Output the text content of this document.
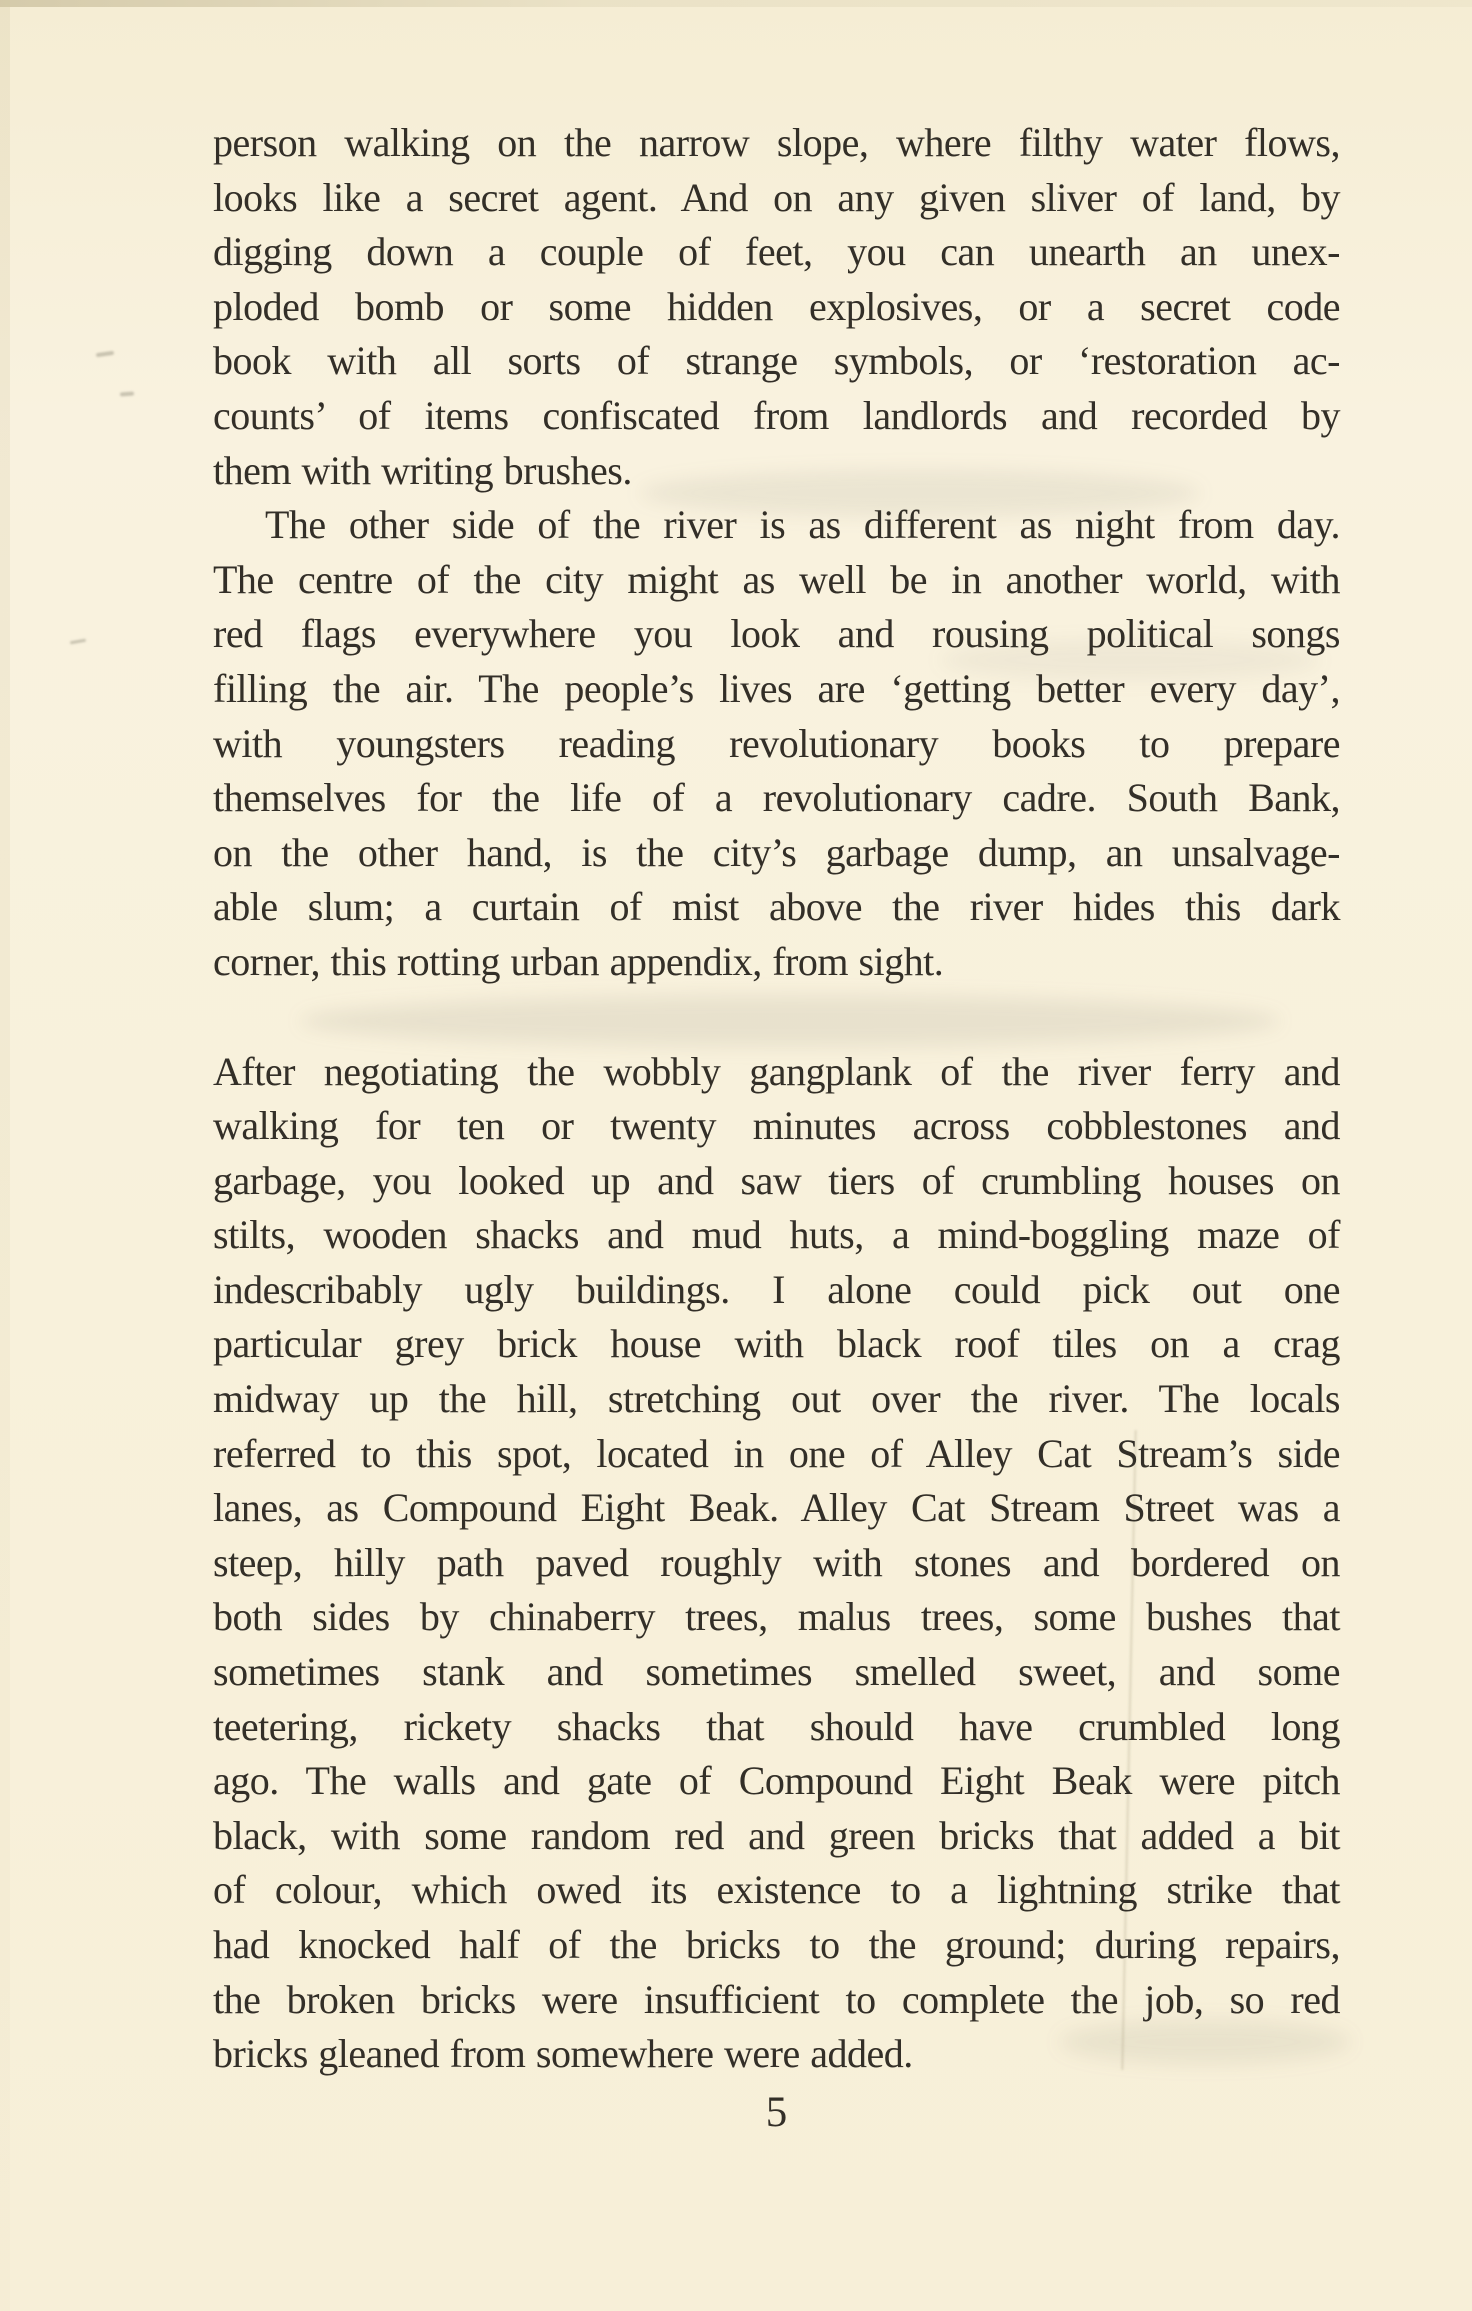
person walking on the narrow slope, where filthy water flows,
looks like a secret agent. And on any given sliver of land, by
digging down a couple of feet, you can unearth an unex-
ploded bomb or some hidden explosives, or a secret code
book with all sorts of strange symbols, or ‘restoration ac-
counts’ of items confiscated from landlords and recorded by
them with writing brushes.

The other side of the river is as different as night from day.
The centre of the city might as well be in another world, with
red flags everywhere you look and rousing political songs
filling the air. The people’s lives are ‘getting better every day’,
with youngsters reading revolutionary books to prepare
themselves for the life of a revolutionary cadre. South Bank,
on the other hand, is the city’s garbage dump, an unsalvage-
able slum; a curtain of mist above the river hides this dark
corner, this rotting urban appendix, from sight.

After negotiating the wobbly gangplank of the river ferry and
walking for ten or twenty minutes across cobblestones and
garbage, you looked up and saw tiers of crumbling houses on
stilts, wooden shacks and mud huts, a mind-boggling maze of
indescribably ugly buildings. I alone could pick out one
particular grey brick house with black roof tiles on a crag
midway up the hill, stretching out over the river. The locals
referred to this spot, located in one of Alley Cat Stream’s side
lanes, as Compound Eight Beak. Alley Cat Stream Street was a
steep, hilly path paved roughly with stones and bordered on
both sides by chinaberry trees, malus trees, some bushes that
sometimes stank and sometimes smelled sweet, and some
teetering, rickety shacks that should have crumbled long
ago. The walls and gate of Compound Eight Beak were pitch
black, with some random red and green bricks that added a bit
of colour, which owed its existence to a lightning strike that
had knocked half of the bricks to the ground; during repairs,
the broken bricks were insufficient to complete the job, so red
bricks gleaned from somewhere were added.

5
